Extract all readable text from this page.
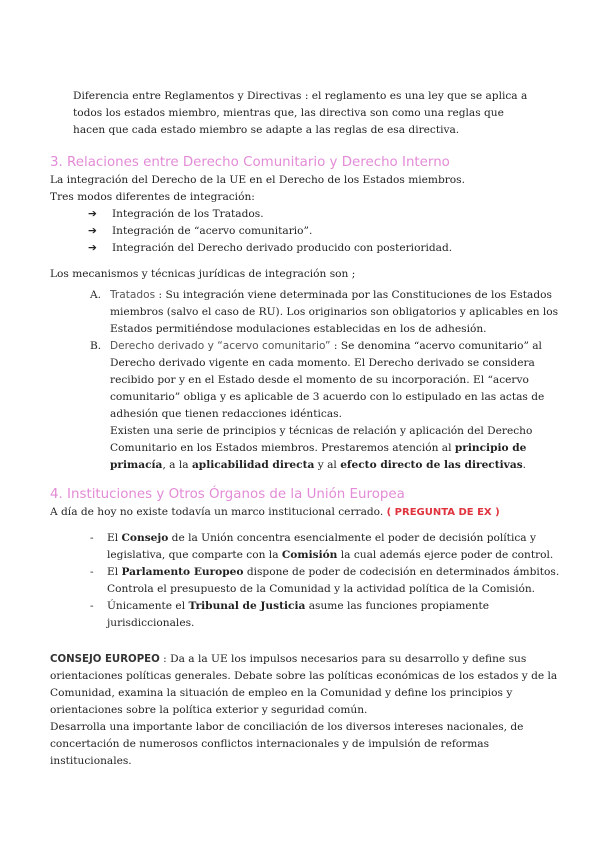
Diferencia entre Reglamentos y Directivas : el reglamento es una ley que se aplica a todos los estados miembro, mientras que, las directiva son como una reglas que hacen que cada estado miembro se adapte a las reglas de esa directiva.

3. Relaciones entre Derecho Comunitario y Derecho Interno

La integración del Derecho de la UE en el Derecho de los Estados miembros.

Tres modos diferentes de integración:

➔ Integración de los Tratados.
➔ Integración de “acervo comunitario”.
➔ Integración del Derecho derivado producido con posterioridad.

Los mecanismos y técnicas jurídicas de integración son ;

A. Tratados : Su integración viene determinada por las Constituciones de los Estados miembros (salvo el caso de RU). Los originarios son obligatorios y aplicables en los Estados permitiéndose modulaciones establecidas en los de adhesión.
B. Derecho derivado y “acervo comunitario” : Se denomina “acervo comunitario” al Derecho derivado vigente en cada momento. El Derecho derivado se considera recibido por y en el Estado desde el momento de su incorporación. El “acervo comunitario” obliga y es aplicable de 3 acuerdo con lo estipulado en las actas de adhesión que tienen redacciones idénticas.
Existen una serie de principios y técnicas de relación y aplicación del Derecho Comunitario en los Estados miembros. Prestaremos atención al principio de primacía, a la aplicabilidad directa y al efecto directo de las directivas.
4. Instituciones y Otros Órganos de la Unión Europea

A día de hoy no existe todavía un marco institucional cerrado. ( PREGUNTA DE EX )

- El Consejo de la Unión concentra esencialmente el poder de decisión política y legislativa, que comparte con la Comisión la cual además ejerce poder de control.
- El Parlamento Europeo dispone de poder de codecisión en determinados ámbitos. Controla el presupuesto de la Comunidad y la actividad política de la Comisión.
- Únicamente el Tribunal de Justicia asume las funciones propiamente jurisdiccionales.

CONSEJO EUROPEO : Da a la UE los impulsos necesarios para su desarrollo y define sus orientaciones políticas generales. Debate sobre las políticas económicas de los estados y de la Comunidad, examina la situación de empleo en la Comunidad y define los principios y orientaciones sobre la política exterior y seguridad común.

Desarrolla una importante labor de conciliación de los diversos intereses nacionales, de concertación de numerosos conflictos internacionales y de impulsión de reformas institucionales.
